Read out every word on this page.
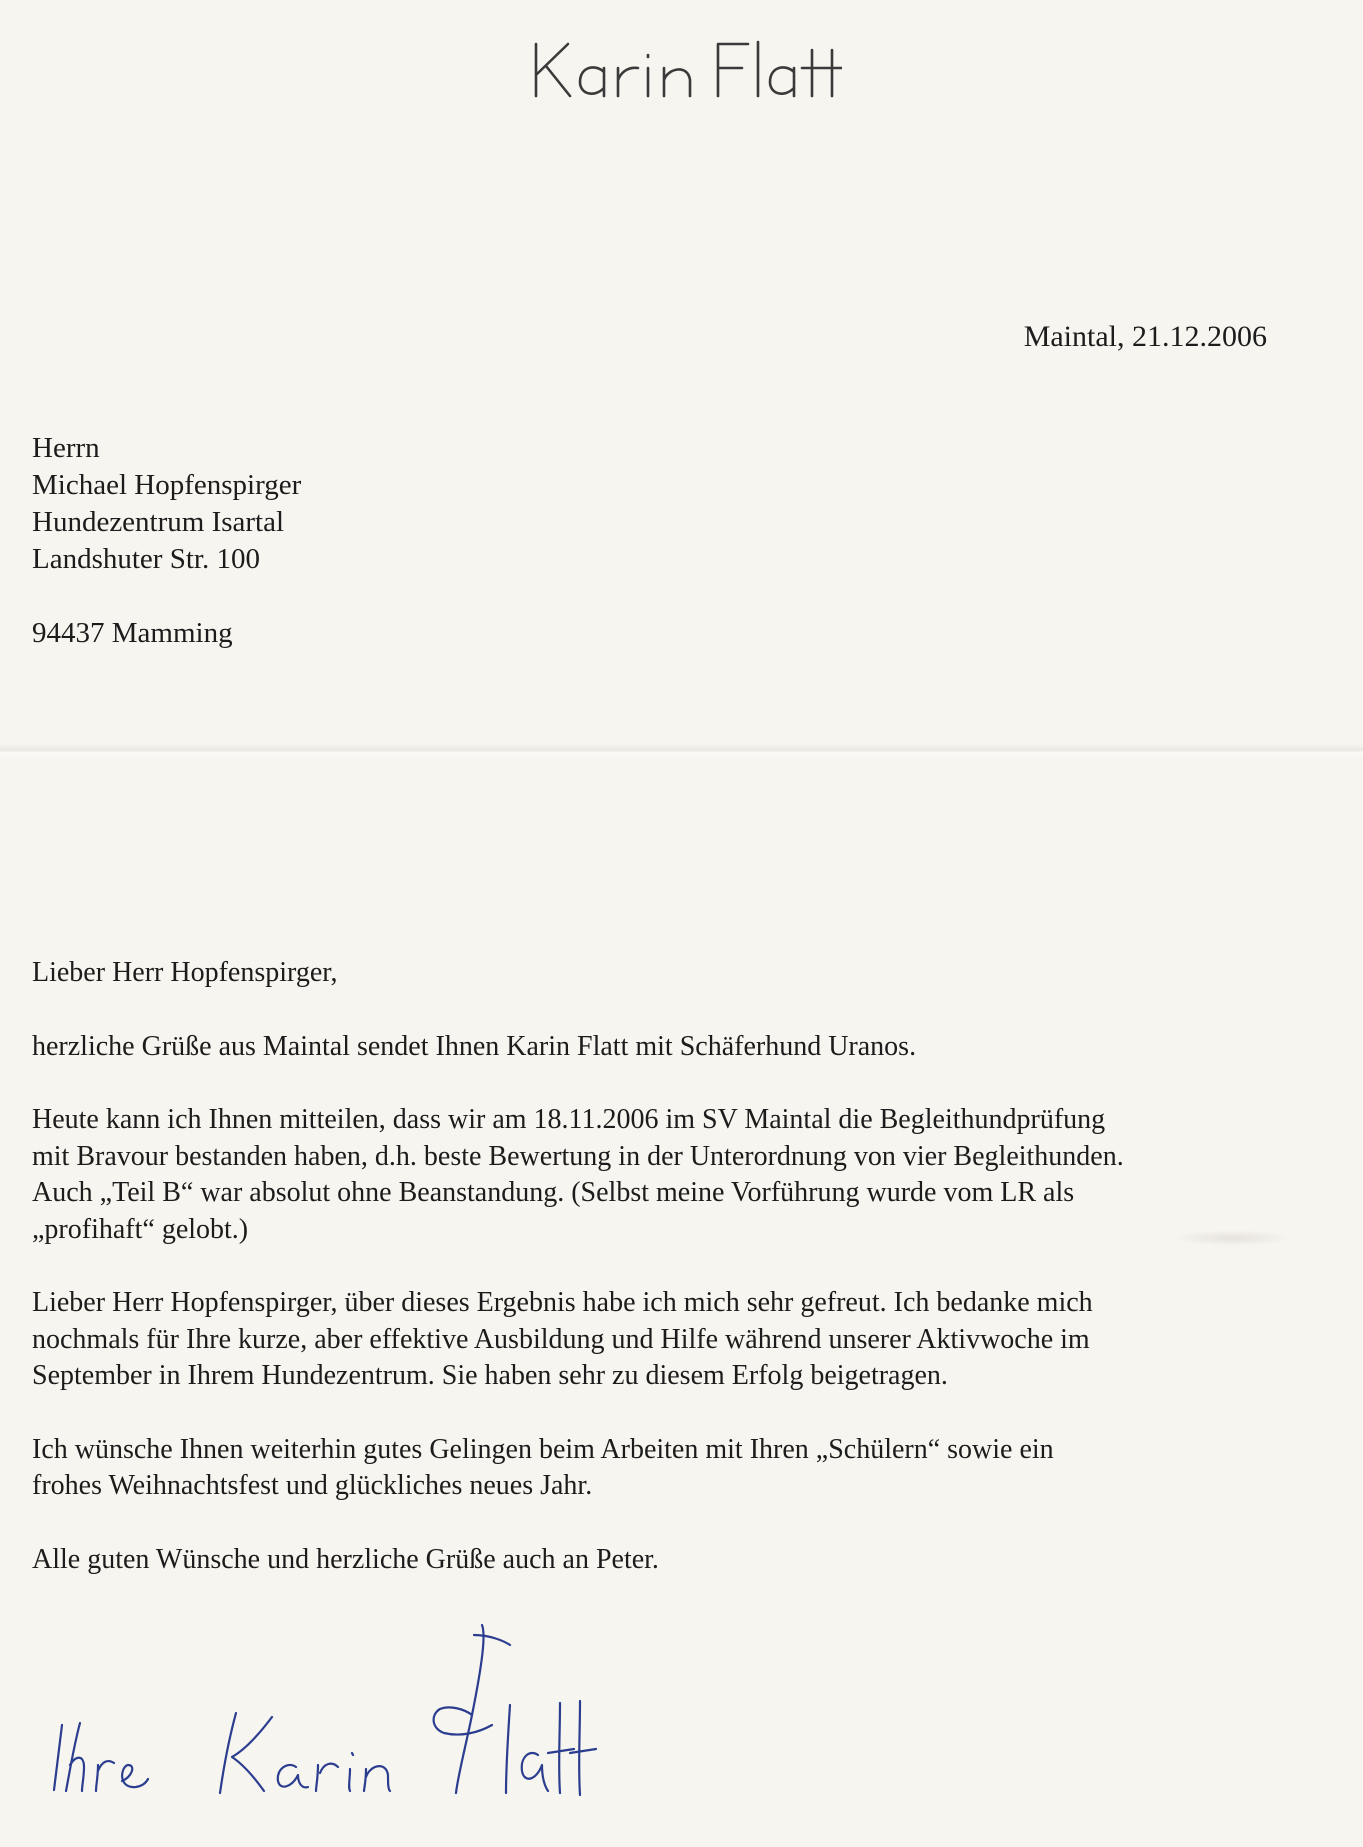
Maintal, 21.12.2006
Herrn
Michael Hopfenspirger
Hundezentrum Isartal
Landshuter Str. 100
94437 Mamming

Lieber Herr Hopfenspirger,

herzliche Grüße aus Maintal sendet Ihnen Karin Flatt mit Schäferhund Uranos.

Heute kann ich Ihnen mitteilen, dass wir am 18.11.2006 im SV Maintal die Begleithundprüfung
mit Bravour bestanden haben, d.h. beste Bewertung in der Unterordnung von vier Begleithunden.
Auch „Teil B“ war absolut ohne Beanstandung. (Selbst meine Vorführung wurde vom LR als
„profihaft“ gelobt.)

Lieber Herr Hopfenspirger, über dieses Ergebnis habe ich mich sehr gefreut. Ich bedanke mich
nochmals für Ihre kurze, aber effektive Ausbildung und Hilfe während unserer Aktivwoche im
September in Ihrem Hundezentrum. Sie haben sehr zu diesem Erfolg beigetragen.

Ich wünsche Ihnen weiterhin gutes Gelingen beim Arbeiten mit Ihren „Schülern“ sowie ein
frohes Weihnachtsfest und glückliches neues Jahr.

Alle guten Wünsche und herzliche Grüße auch an Peter.
